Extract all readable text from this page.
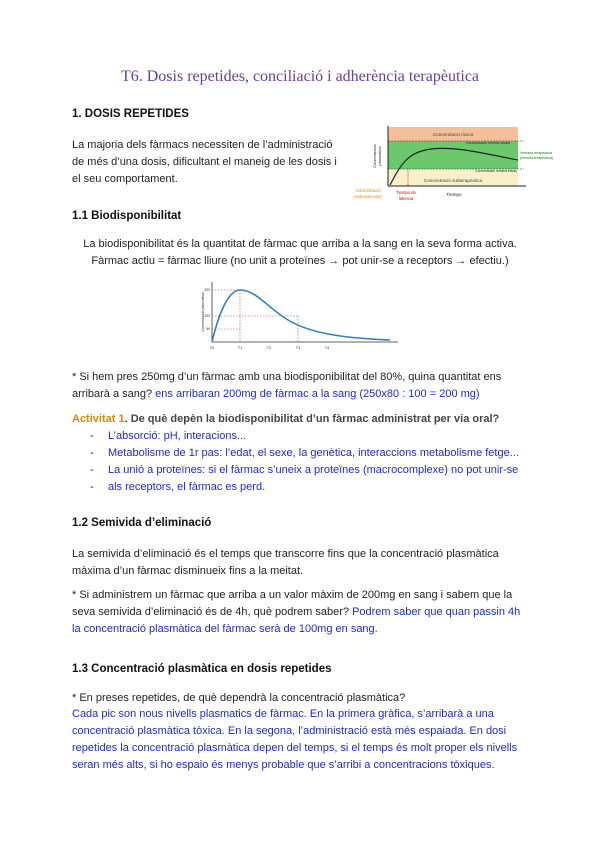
T6. Dosis repetides, conciliació i adherència terapèutica
1. DOSIS REPETIDES
La majoria dels fàrmacs necessiten de l’administració
de més d’una dosis, dificultant el maneig de les dosis i
el seu comportament.
Concentració tòxica
Concentració mínima tòxica
Ventana terapèutica
(finestra terapèutica)
Concentració mínima eficaç
Concentració subterapèutica
Concentració plasmàtica
Administració
(extravascular)
Tiempo de
latencia
Tiempo
1.1 Biodisponibilitat
La biodisponibilitat és la quantitat de fàrmac que arriba a la sang en la seva forma activa.
Fàrmac actiu = fàrmac lliure (no unit a proteïnes → pot unir-se a receptors → efectiu.)
Concentració plasmàtica
200
100
50
T0	T1	T2	T3	T4
* Si hem pres 250mg d’un fàrmac amb una biodisponibilitat del 80%, quina quantitat ens
arribarà a sang? ens arribaran 200mg de fàrmac a la sang (250x80 : 100 = 200 mg)
Activitat 1. De què depèn la biodisponibilitat d’un fàrmac administrat per via oral?
- L’absorció: pH, interacions...
- Metabolisme de 1r pas: l’edat, el sexe, la genètica, interaccions metabolisme fetge...
- La unió a proteïnes: si el fàrmac s’uneix a proteïnes (macrocomplexe) no pot unir-se
- als receptors, el fàrmac es perd.
1.2 Semivida d’eliminació
La semivida d’eliminació és el temps que transcorre fins que la concentració plasmàtica
màxima d’un fàrmac disminueix fins a la meitat.
* Si administrem un fàrmac que arriba a un valor màxim de 200mg en sang i sabem que la
seva semivida d’eliminació és de 4h, què podrem saber? Podrem saber que quan passin 4h
la concentració plasmàtica del fàrmac serà de 100mg en sang.
1.3 Concentració plasmàtica en dosis repetides
* En preses repetides, de què dependrà la concentració plasmàtica?
Cada pic son nous nivells plasmatics de fàrmac. En la primera gràfica, s’arribarà a una
concentració plasmàtica tòxica. En la segona, l’administració està més espaiada. En dosi
repetides la concentració plasmàtica depen del temps, si el temps és molt proper els nivells
seran més alts, si ho espaio és menys probable que s’arribi a concentracions tòxiques.
